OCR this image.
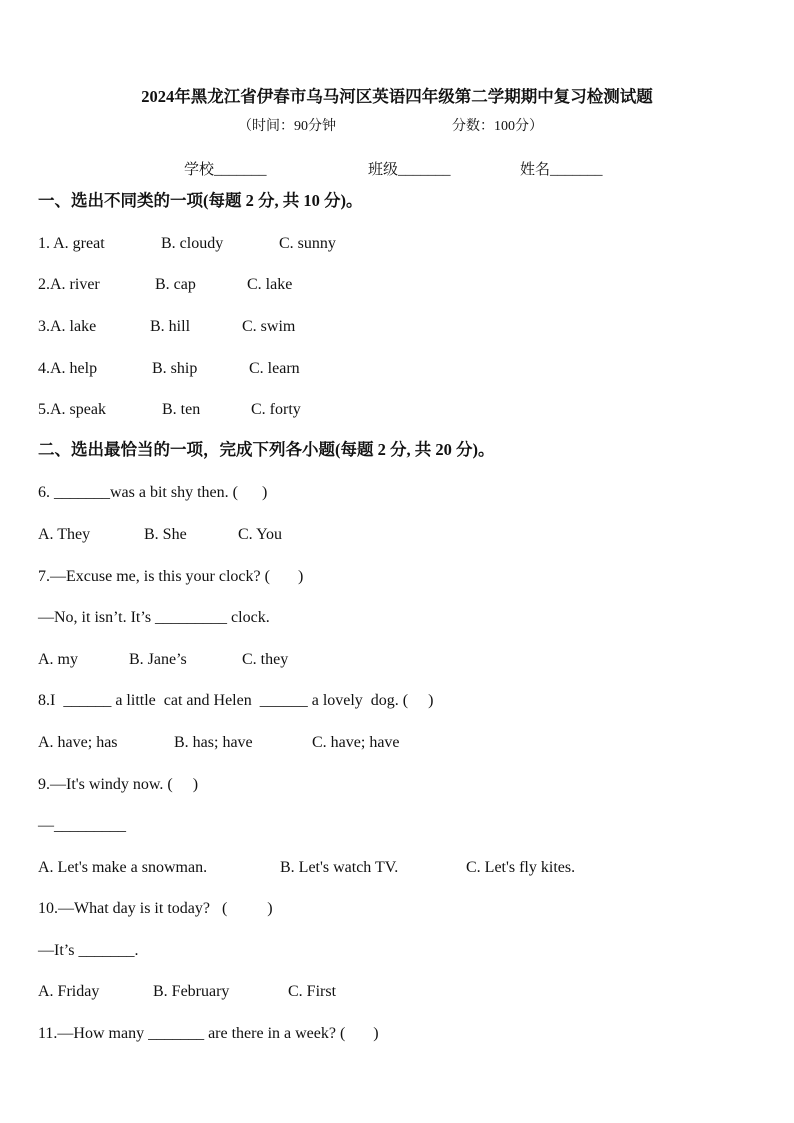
2024年黑龙江省伊春市乌马河区英语四年级第二学期期中复习检测试题
（时间：90分钟	分数：100分）
学校_______	班级_______	姓名_______
一、选出不同类的一项(每题 2 分, 共 10 分)。
1. A. great	B. cloudy	C. sunny
2.A. river	B. cap	C. lake
3.A. lake	B. hill	C. swim
4.A. help	B. ship	C. learn
5.A. speak	B. ten	C. forty
二、选出最恰当的一项，完成下列各小题(每题 2 分, 共 20 分)。
6. _______was a bit shy then. (      )
A. They	B. She	C. You
7.—Excuse me, is this your clock? (       )
—No, it isn’t. It’s _________ clock.
A. my	B. Jane’s	C. they
8.I  ______ a little  cat and Helen  ______ a lovely  dog. (     )
A. have; has	B. has; have	C. have; have
9.—It's windy now. (     )
—_________
A. Let's make a snowman.	B. Let's watch TV.	C. Let's fly kites.
10.—What day is it today?   (          )
—It’s _______.
A. Friday	B. February	C. First
11.—How many _______ are there in a week? (       )
